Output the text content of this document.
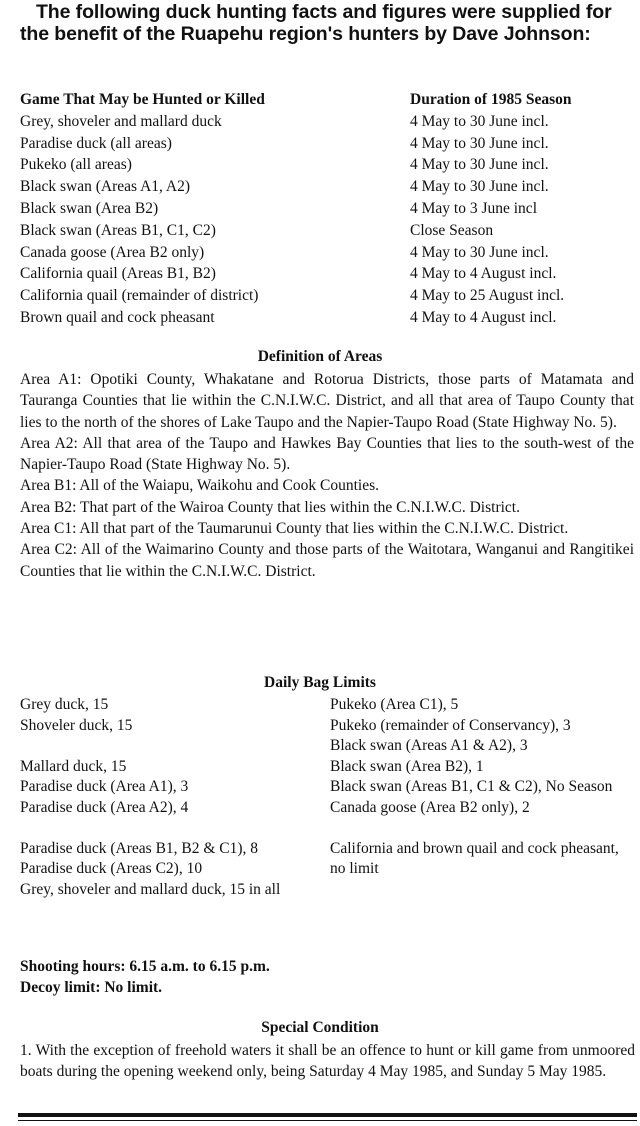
The following duck hunting facts and figures were supplied for the benefit of the Ruapehu region's hunters by Dave Johnson:
Game That May be Hunted or Killed	Duration of 1985 Season
Grey, shoveler and mallard duck	4 May to 30 June incl.
Paradise duck (all areas)	4 May to 30 June incl.
Pukeko (all areas)	4 May to 30 June incl.
Black swan (Areas A1, A2)	4 May to 30 June incl.
Black swan (Area B2)	4 May to 3 June incl
Black swan (Areas B1, C1, C2)	Close Season
Canada goose (Area B2 only)	4 May to 30 June incl.
California quail (Areas B1, B2)	4 May to 4 August incl.
California quail (remainder of district)	4 May to 25 August incl.
Brown quail and cock pheasant	4 May to 4 August incl.
Definition of Areas

Area A1: Opotiki County, Whakatane and Rotorua Districts, those parts of Matamata and Tauranga Counties that lie within the C.N.I.W.C. District, and all that area of Taupo County that lies to the north of the shores of Lake Taupo and the Napier-Taupo Road (State Highway No. 5).

Area A2: All that area of the Taupo and Hawkes Bay Counties that lies to the south-west of the Napier-Taupo Road (State Highway No. 5).

Area B1: All of the Waiapu, Waikohu and Cook Counties.

Area B2: That part of the Wairoa County that lies within the C.N.I.W.C. District.

Area C1: All that part of the Taumarunui County that lies within the C.N.I.W.C. District.

Area C2: All of the Waimarino County and those parts of the Waitotara, Wanganui and Rangitikei Counties that lie within the C.N.I.W.C. District.

Daily Bag Limits
Grey duck, 15
Shoveler duck, 15
Mallard duck, 15
Paradise duck (Area A1), 3
Paradise duck (Area A2), 4
Paradise duck (Areas B1, B2 & C1), 8
Paradise duck (Areas C2), 10
Grey, shoveler and mallard duck, 15 in all
Pukeko (Area C1), 5
Pukeko (remainder of Conservancy), 3
Black swan (Areas A1 & A2), 3
Black swan (Area B2), 1
Black swan (Areas B1, C1 & C2), No Season
Canada goose (Area B2 only), 2
California and brown quail and cock pheasant, no limit
Shooting hours: 6.15 a.m. to 6.15 p.m.
Decoy limit: No limit.
Special Condition
1. With the exception of freehold waters it shall be an offence to hunt or kill game from unmoored boats during the opening weekend only, being Saturday 4 May 1985, and Sunday 5 May 1985.
